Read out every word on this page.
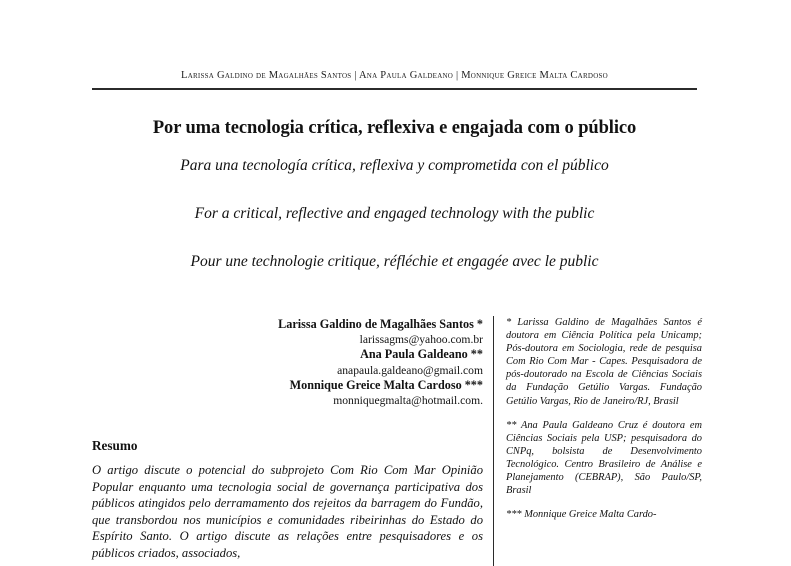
Larissa Galdino de Magalhães Santos | Ana Paula Galdeano | Monnique Greice Malta Cardoso
Por uma tecnologia crítica, reflexiva e engajada com o público
Para una tecnología crítica, reflexiva y comprometida con el público
For a critical, reflective and engaged technology with the public
Pour une technologie critique, réfléchie et engagée avec le public
Larissa Galdino de Magalhães Santos *
larissagms@yahoo.com.br
Ana Paula Galdeano **
anapaula.galdeano@gmail.com
Monnique Greice Malta Cardoso ***
monniquegmalta@hotmail.com.

* Larissa Galdino de Magalhães Santos é doutora em Ciência Política pela Unicamp; Pós-doutora em Sociologia, rede de pesquisa Com Rio Com Mar - Capes. Pesquisadora de pós-doutorado na Escola de Ciências Sociais da Fundação Getúlio Vargas. Fundação Getúlio Vargas, Rio de Janeiro/RJ, Brasil

** Ana Paula Galdeano Cruz é doutora em Ciências Sociais pela USP; pesquisadora do CNPq, bolsista de Desenvolvimento Tecnológico. Centro Brasileiro de Análise e Planejamento (CEBRAP), São Paulo/SP, Brasil

*** Monnique Greice Malta Cardo-

Resumo
O artigo discute o potencial do subprojeto Com Rio Com Mar Opinião Popular enquanto uma tecnologia social de governança participativa dos públicos atingidos pelo derramamento dos rejeitos da barragem do Fundão, que transbordou nos municípios e comunidades ribeirinhas do Estado do Espírito Santo. O artigo discute as relações entre pesquisadores e os públicos criados, associados,
